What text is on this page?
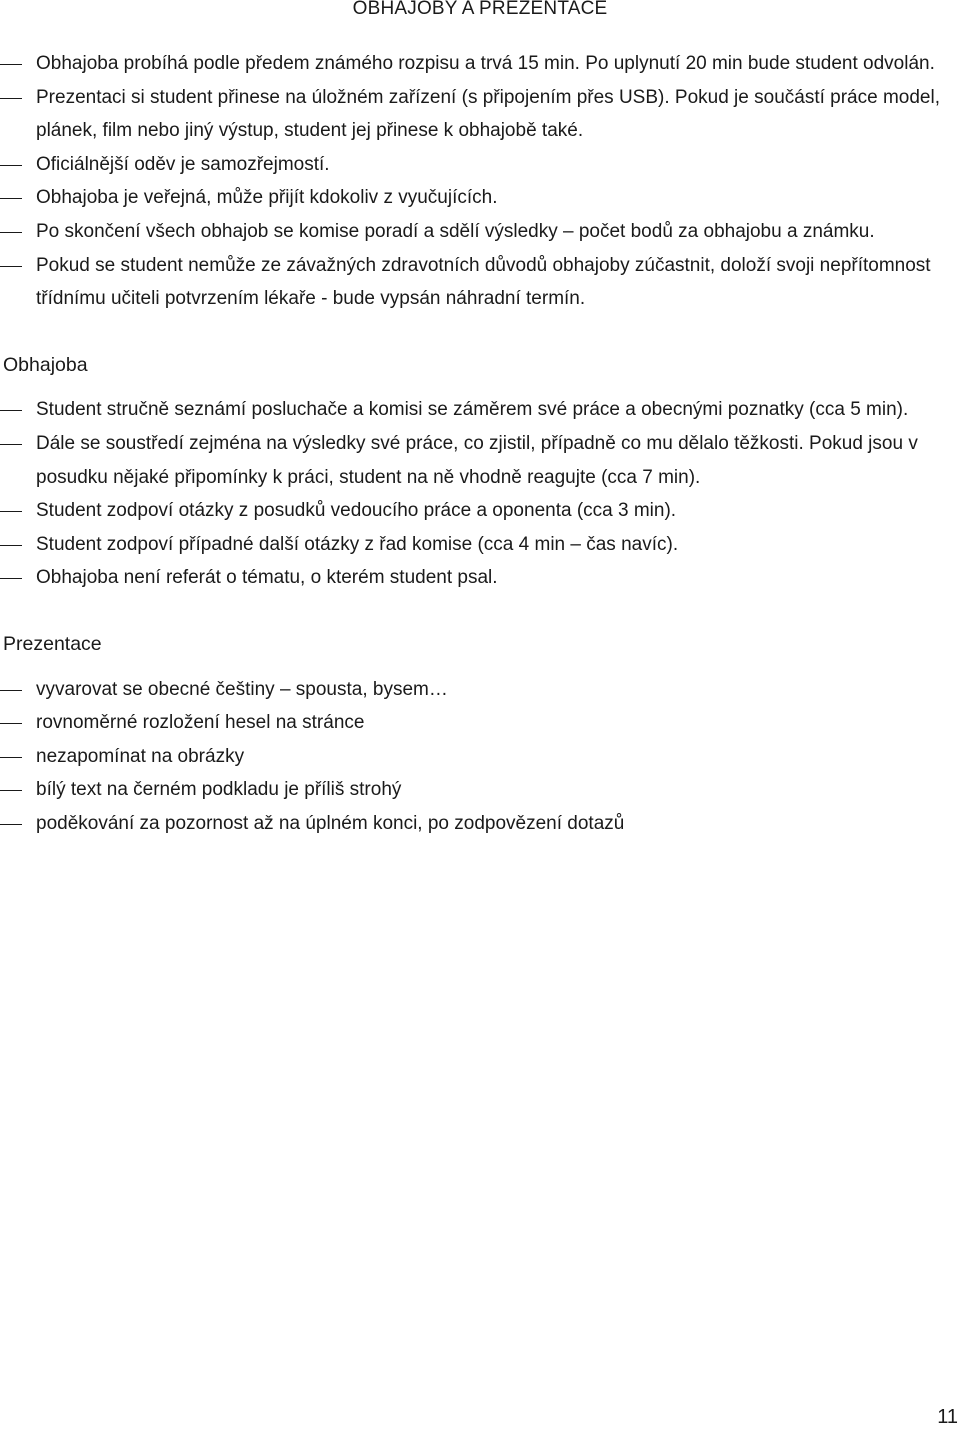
OBHAJOBY A PREZENTACE
Obhajoba probíhá podle předem známého rozpisu a trvá 15 min. Po uplynutí 20 min bude student odvolán.
Prezentaci si student přinese na úložném zařízení (s připojením přes USB). Pokud je součástí práce model, plánek, film nebo jiný výstup, student jej přinese k obhajobě také.
Oficiálnější oděv je samozřejmostí.
Obhajoba je veřejná, může přijít kdokoliv z vyučujících.
Po skončení všech obhajob se komise poradí a sdělí výsledky – počet bodů za obhajobu a známku.
Pokud se student nemůže ze závažných zdravotních důvodů obhajoby zúčastnit, doloží svoji nepřítomnost třídnímu učiteli potvrzením lékaře - bude vypsán náhradní termín.
Obhajoba
Student stručně seznámí posluchače a komisi se záměrem své práce a obecnými poznatky (cca 5 min).
Dále se soustředí zejména na výsledky své práce, co zjistil, případně co mu dělalo těžkosti. Pokud jsou v posudku nějaké připomínky k práci, student na ně vhodně reagujte (cca 7 min).
Student zodpoví otázky z posudků vedoucího práce a oponenta (cca 3 min).
Student zodpoví případné další otázky z řad komise (cca 4 min – čas navíc).
Obhajoba není referát o tématu, o kterém student psal.
Prezentace
vyvarovat se obecné češtiny – spousta, bysem…
rovnoměrné rozložení hesel na stránce
nezapomínat na obrázky
bílý text na černém podkladu je příliš strohý
poděkování za pozornost až na úplném konci, po zodpovězení dotazů
11
